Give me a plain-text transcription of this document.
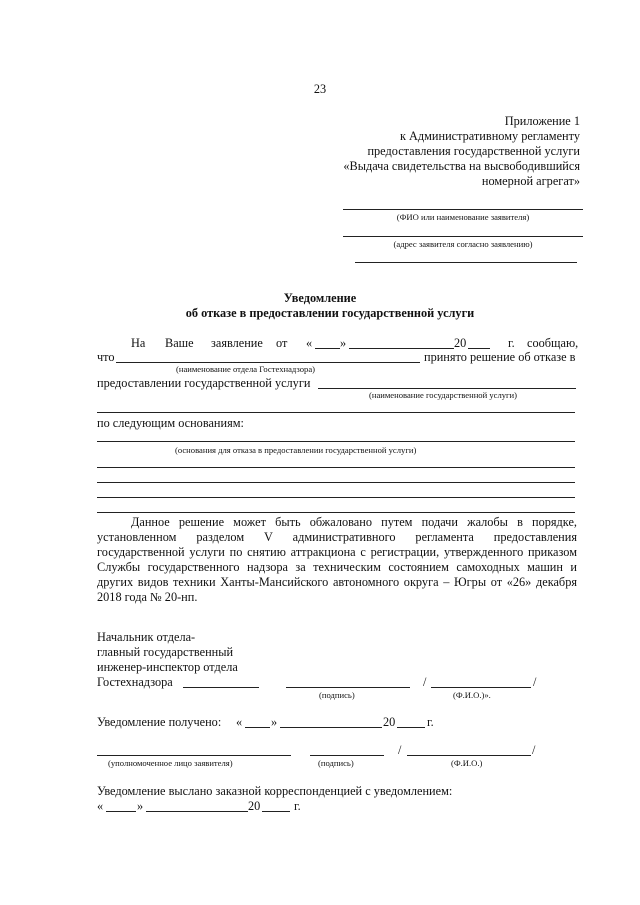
23
Приложение 1
к Административному регламенту
предоставления государственной услуги
«Выдача свидетельства на высвободившийся
номерной агрегат»
(ФИО или наименование заявителя)
(адрес заявителя согласно заявлению)
Уведомление
об отказе в предоставлении государственной услуги
На Ваше заявление от « »	20	г. сообщаю,
что	принято решение об отказе в
(наименование отдела Гостехнадзора)
предоставлении государственной услуги
(наименование государственной услуги)
по следующим основаниям:
(основания для отказа в предоставлении государственной услуги)
Данное решение может быть обжаловано путем подачи жалобы в порядке,
установленном разделом V административного регламента предоставления
государственной услуги по снятию аттракциона с регистрации, утвержденного приказом
Службы государственного надзора за техническим состоянием самоходных машин и
других видов техники Ханты-Мансийского автономного округа – Югры от «26» декабря
2018 года № 20-нп.
Начальник отдела-
главный государственный
инженер-инспектор отдела
Гостехнадзора	/	/
(подпись)	(Ф.И.О.)».
Уведомление получено: « »	20	г.
/	/
(уполномоченное лицо заявителя)	(подпись)	(Ф.И.О.)
Уведомление выслано заказной корреспонденцией с уведомлением:
«	»	20	г.
